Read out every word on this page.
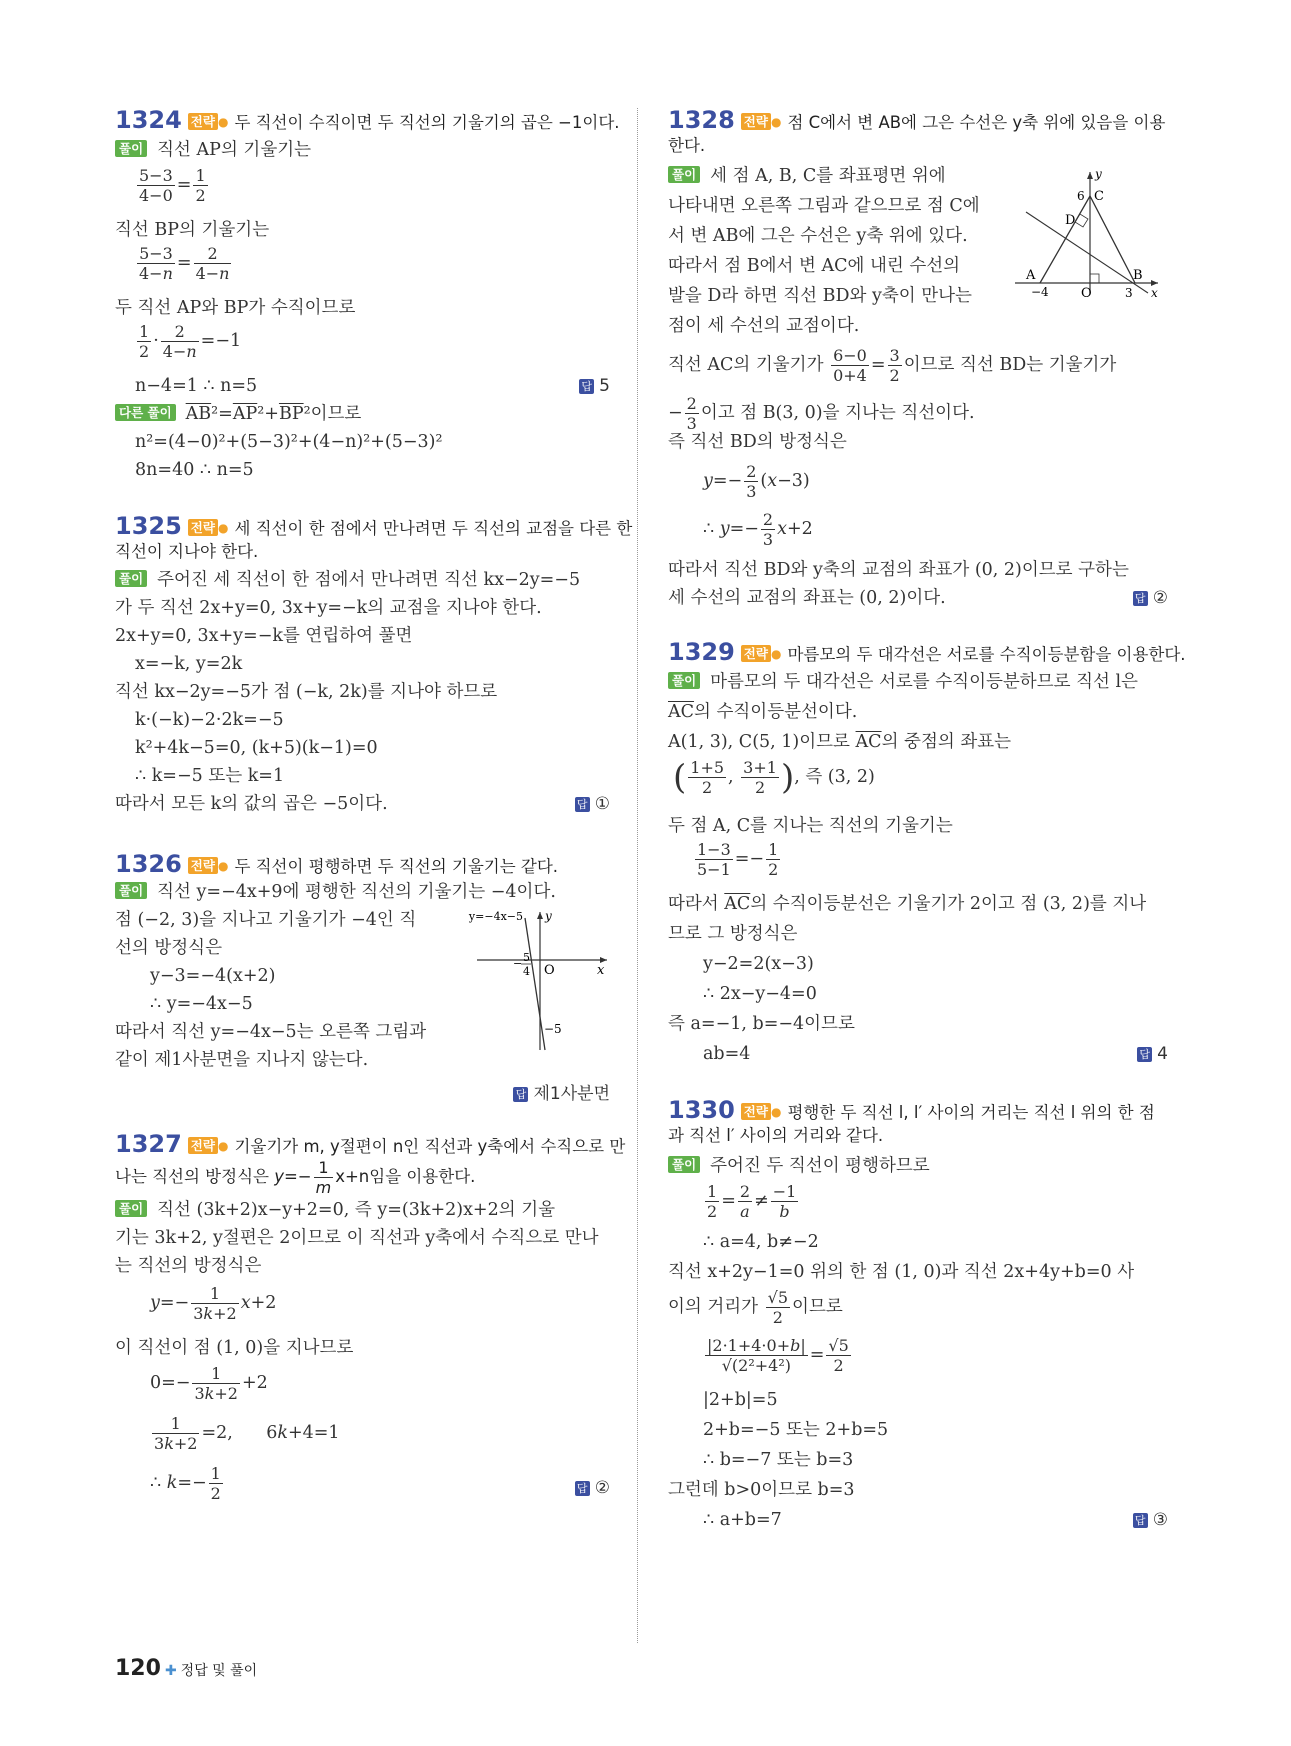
1324 전략 ● 두 직선이 수직이면 두 직선의 기울기의 곱은 −1이다.
풀이 직선 AP의 기울기는
$\frac{5-3}{4-0} = \frac{1}{2}$
직선 BP의 기울기는
$\frac{5-3}{4-n} = \frac{2}{4-n}$
두 직선 AP와 BP가 수직이므로
$\frac{1}{2} \cdot \frac{2}{4-n} =-1$
n−4=1 ∴ n=5	답 5
다른 풀이 $\overline{AB}^2=\overline{AP}^2+\overline{BP}^2$이므로
n²=(4−0)²+(5−3)²+(4−n)²+(5−3)²
8n=40 ∴ n=5
1325 전략 ● 세 직선이 한 점에서 만나려면 두 직선의 교점을 다른 한
직선이 지나야 한다.
풀이 주어진 세 직선이 한 점에서 만나려면 직선 kx−2y=−5
가 두 직선 2x+y=0, 3x+y=−k의 교점을 지나야 한다.
2x+y=0, 3x+y=−k를 연립하여 풀면
x=−k, y=2k
직선 kx−2y=−5가 점 (−k, 2k)를 지나야 하므로
k·(−k)−2·2k=−5
k²+4k−5=0, (k+5)(k−1)=0
∴ k=−5 또는 k=1
따라서 모든 k의 값의 곱은 −5이다.	답 ①
1326 전략 ● 두 직선이 평행하면 두 직선의 기울기는 같다.
풀이 직선 y=−4x+9에 평행한 직선의 기울기는 −4이다.
점 (−2, 3)을 지나고 기울기가 −4인 직
선의 방정식은
y−3=−4(x+2)
∴ y=−4x−5
따라서 직선 y=−4x−5는 오른쪽 그림과
같이 제1사분면을 지나지 않는다.
y=−4x−5 y
O	x
−5
− 5
4
답 제1사분면
1327 전략 ● 기울기가 m, y절편이 n인 직선과 y축에서 수직으로 만
나는 직선의 방정식은 $y=- \frac{1}{m} x+n$임을 이용한다.
풀이 직선 (3k+2)x−y+2=0, 즉 y=(3k+2)x+2의 기울
기는 3k+2, y절편은 2이므로 이 직선과 y축에서 수직으로 만나
는 직선의 방정식은
$y=- \frac{1}{3k+2} x+2$
이 직선이 점 (1, 0)을 지나므로
$0=- \frac{1}{3k+2} +2$
$\frac{1}{3k+2} =2$,      6k+4=1
∴ $k=- \frac{1}{2}$	답 ②
1328 전략 ● 점 C에서 변 AB에 그은 수선은 y축 위에 있음을 이용
한다.
풀이 세 점 A, B, C를 좌표평면 위에
나타내면 오른쪽 그림과 같으므로 점 C에
서 변 AB에 그은 수선은 y축 위에 있다.
따라서 점 B에서 변 AC에 내린 수선의
발을 D라 하면 직선 BD와 y축이 만나는
점이 세 수선의 교점이다.
y
6 C
D
A	B
−4 O	3 x
직선 AC의 기울기가 $\frac{6-0}{0+4} = \frac{3}{2}$ 이므로 직선 BD는 기울기가
− $\frac{2}{3}$ 이고 점 B(3, 0)을 지나는 직선이다.
즉 직선 BD의 방정식은
$y=- \frac{2}{3} (x-3)$
∴ $y=- \frac{2}{3} x+2$
따라서 직선 BD와 y축의 교점의 좌표가 (0, 2)이므로 구하는
세 수선의 교점의 좌표는 (0, 2)이다.	답 ②
1329 전략 ● 마름모의 두 대각선은 서로를 수직이등분함을 이용한다.
풀이 마름모의 두 대각선은 서로를 수직이등분하므로 직선 l은
$\overline{AC}$의 수직이등분선이다.
A(1, 3), C(5, 1)이므로 $\overline{AC}$의 중점의 좌표는
( $\frac{1+5}{2}$ , $\frac{3+1}{2}$ ), 즉 (3, 2)
두 점 A, C를 지나는 직선의 기울기는
$\frac{1-3}{5-1} =- \frac{1}{2}$
따라서 $\overline{AC}$의 수직이등분선은 기울기가 2이고 점 (3, 2)를 지나
므로 그 방정식은
y−2=2(x−3)
∴ 2x−y−4=0
즉 a=−1, b=−4이므로
ab=4	답 4
1330 전략 ● 평행한 두 직선 l, l′ 사이의 거리는 직선 l 위의 한 점
과 직선 l′ 사이의 거리와 같다.
풀이 주어진 두 직선이 평행하므로
$\frac{1}{2} = \frac{2}{a} \ne \frac{-1}{b}$
∴ a=4, b≠−2
직선 x+2y−1=0 위의 한 점 (1, 0)과 직선 2x+4y+b=0 사
이의 거리가 $\frac{√5}{2}$ 이므로
$\frac{|2\cdot 1+4\cdot 0+b|}{\text{√(2²+4²)}} = \frac{√5}{2}$
|2+b|=5
2+b=−5 또는 2+b=5
∴ b=−7 또는 b=3
그런데 b>0이므로 b=3
∴ a+b=7	답 ③
120 ✚ 정답 및 풀이
